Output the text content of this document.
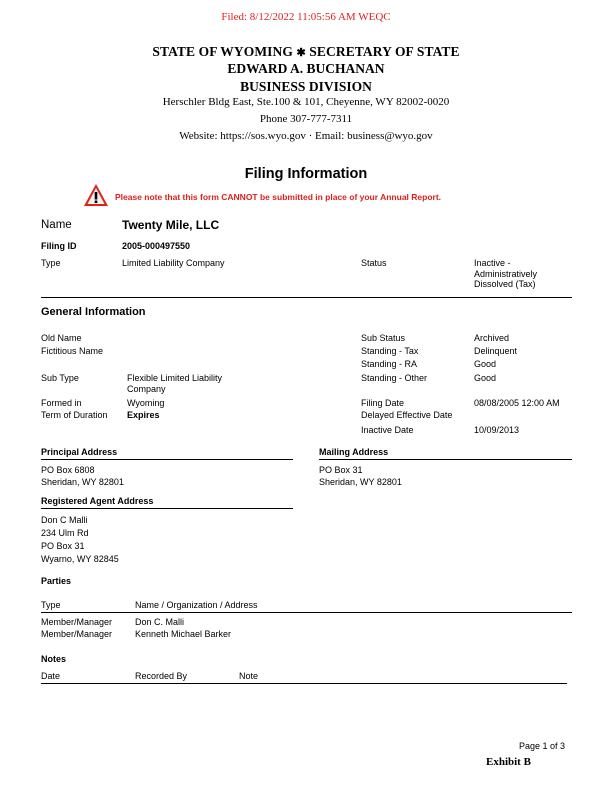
Filed: 8/12/2022 11:05:56 AM WEQC
STATE OF WYOMING ✱ SECRETARY OF STATE
EDWARD A. BUCHANAN
BUSINESS DIVISION
Herschler Bldg East, Ste.100 & 101, Cheyenne, WY 82002-0020
Phone 307-777-7311
Website: https://sos.wyo.gov · Email: business@wyo.gov
Filing Information
Please note that this form CANNOT be submitted in place of your Annual Report.
Name	Twenty Mile, LLC
Filing ID	2005-000497550
Type	Limited Liability Company	Status	Inactive -
Administratively
Dissolved (Tax)
General Information
Old Name
Fictitious Name
Sub Type	Flexible Limited Liability
Company
Formed in	Wyoming
Term of Duration Expires
Sub Status	Archived
Standing - Tax	Delinquent
Standing - RA	Good
Standing - Other	Good
Filing Date	08/08/2005 12:00 AM
Delayed Effective Date
Inactive Date	10/09/2013
Principal Address
PO Box 6808
Sheridan, WY 82801
Mailing Address
PO Box 31
Sheridan, WY 82801
Registered Agent Address
Don C Malli
234 Ulm Rd
PO Box 31
Wyarno, WY 82845
Parties
Type	Name / Organization / Address
Member/Manager	Don C. Malli
Member/Manager	Kenneth Michael Barker
Notes
Date	Recorded By	Note
Page 1 of 3
Exhibit B
